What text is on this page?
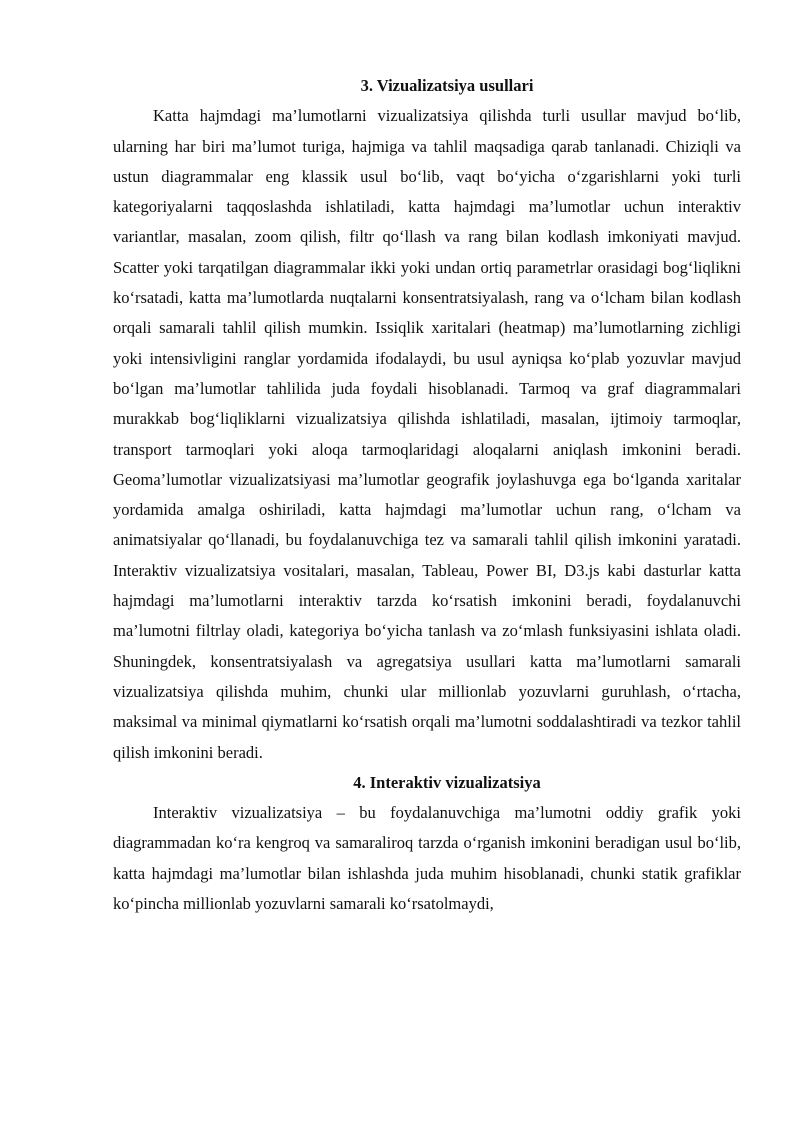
3. Vizualizatsiya usullari

Katta hajmdagi ma’lumotlarni vizualizatsiya qilishda turli usullar mavjud bo‘lib, ularning har biri ma’lumot turiga, hajmiga va tahlil maqsadiga qarab tanlanadi. Chiziqli va ustun diagrammalar eng klassik usul bo‘lib, vaqt bo‘yicha o‘zgarishlarni yoki turli kategoriyalarni taqqoslashda ishlatiladi, katta hajmdagi ma’lumotlar uchun interaktiv variantlar, masalan, zoom qilish, filtr qo‘llash va rang bilan kodlash imkoniyati mavjud. Scatter yoki tarqatilgan diagrammalar ikki yoki undan ortiq parametrlar orasidagi bog‘liqlikni ko‘rsatadi, katta ma’lumotlarda nuqtalarni konsentratsiyalash, rang va o‘lcham bilan kodlash orqali samarali tahlil qilish mumkin. Issiqlik xaritalari (heatmap) ma’lumotlarning zichligi yoki intensivligini ranglar yordamida ifodalaydi, bu usul ayniqsa ko‘plab yozuvlar mavjud bo‘lgan ma’lumotlar tahlilida juda foydali hisoblanadi. Tarmoq va graf diagrammalari murakkab bog‘liqliklarni vizualizatsiya qilishda ishlatiladi, masalan, ijtimoiy tarmoqlar, transport tarmoqlari yoki aloqa tarmoqlaridagi aloqalarni aniqlash imkonini beradi. Geoma’lumotlar vizualizatsiyasi ma’lumotlar geografik joylashuvga ega bo‘lganda xaritalar yordamida amalga oshiriladi, katta hajmdagi ma’lumotlar uchun rang, o‘lcham va animatsiyalar qo‘llanadi, bu foydalanuvchiga tez va samarali tahlil qilish imkonini yaratadi. Interaktiv vizualizatsiya vositalari, masalan, Tableau, Power BI, D3.js kabi dasturlar katta hajmdagi ma’lumotlarni interaktiv tarzda ko‘rsatish imkonini beradi, foydalanuvchi ma’lumotni filtrlay oladi, kategoriya bo‘yicha tanlash va zo‘mlash funksiyasini ishlata oladi. Shuningdek, konsentratsiyalash va agregatsiya usullari katta ma’lumotlarni samarali vizualizatsiya qilishda muhim, chunki ular millionlab yozuvlarni guruhlash, o‘rtacha, maksimal va minimal qiymatlarni ko‘rsatish orqali ma’lumotni soddalashtiradi va tezkor tahlil qilish imkonini beradi.

4. Interaktiv vizualizatsiya

Interaktiv vizualizatsiya – bu foydalanuvchiga ma’lumotni oddiy grafik yoki diagrammadan ko‘ra kengroq va samaraliroq tarzda o‘rganish imkonini beradigan usul bo‘lib, katta hajmdagi ma’lumotlar bilan ishlashda juda muhim hisoblanadi, chunki statik grafiklar ko‘pincha millionlab yozuvlarni samarali ko‘rsatolmaydi,
